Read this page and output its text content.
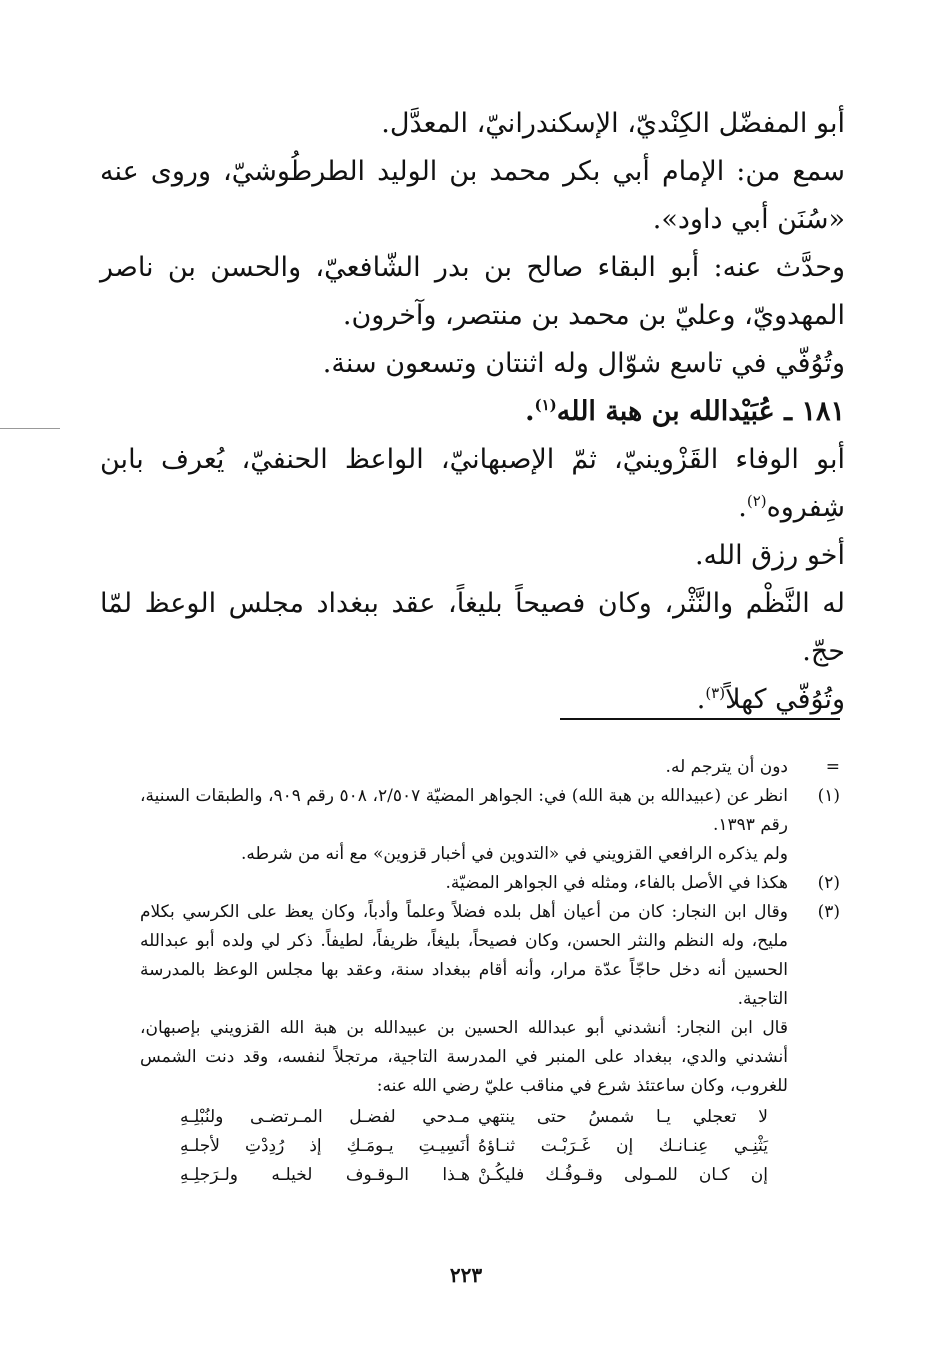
أبو المفضّل الكِنْديّ، الإسكندرانيّ، المعدَّل.

سمع من: الإمام أبي بكر محمد بن الوليد الطرطُوشيّ، وروى عنه «سُنَن أبي داود».

وحدَّث عنه: أبو البقاء صالح بن بدر الشّافعيّ، والحسن بن ناصر المهدويّ، وعليّ بن محمد بن منتصر، وآخرون.

وتُوُفّي في تاسع شوّال وله اثنتان وتسعون سنة.

١٨١ ـ عُبَيْدالله بن هبة الله$^{(١)}$.

أبو الوفاء القَزْوينيّ، ثمّ الإصبهانيّ، الواعظ الحنفيّ، يُعرف بابن شِفروه$^{(٢)}$.

أخو رزق الله.

له النَّظْم والنَّثْر، وكان فصيحاً بليغاً، عقد ببغداد مجلس الوعظ لمّا حجّ.

وتُوُفّي كهلاً$^{(٣)}$.

=

دون أن يترجم له.

(١)

انظر عن (عبيدالله بن هبة الله) في: الجواهر المضيّة ٢/٥٠٧، ٥٠٨ رقم ٩٠٩، والطبقات السنية، رقم ١٣٩٣.

ولم يذكره الرافعي القزويني في «التدوين في أخبار قزوين» مع أنه من شرطه.

(٢)

هكذا في الأصل بالفاء، ومثله في الجواهر المضيّة.

(٣)

وقال ابن النجار: كان من أعيان أهل بلده فضلاً وعلماً وأدباً، وكان يعظ على الكرسي بكلام مليح، وله النظم والنثر الحسن، وكان فصيحاً، بليغاً، ظريفاً، لطيفاً. ذكر لي ولده أبو عبدالله الحسين أنه دخل حاجّاً عدّة مرار، وأنه أقام ببغداد سنة، وعقد بها مجلس الوعظ بالمدرسة التاجية.

قال ابن النجار: أنشدني أبو عبدالله الحسين بن عبيدالله بن هبة الله القزويني بإصبهان، أنشدني والدي، ببغداد على المنبر في المدرسة التاجية، مرتجلاً لنفسه، وقد دنت الشمس للغروب، وكان ساعتئذ شرع في مناقب عليّ رضي الله عنه:

لا تعجلي يـا شمسُ حتى ينتهي
مـدحي لفضـل المـرتضـى ولنُبْلِـهِ
يَثْنِـي عِنـانـك إن غَـرَبْـت ثنـاؤهُ
أنَسِيـتِ يـومَـكِ إذ رُدِدْتِ لأجلـهِ
إن كـان للمـولى وقـوفُـك فليكُـنْ
هـذا الـوقـوف لخيلـه ولـرَجلِـهِ
٢٢٣
